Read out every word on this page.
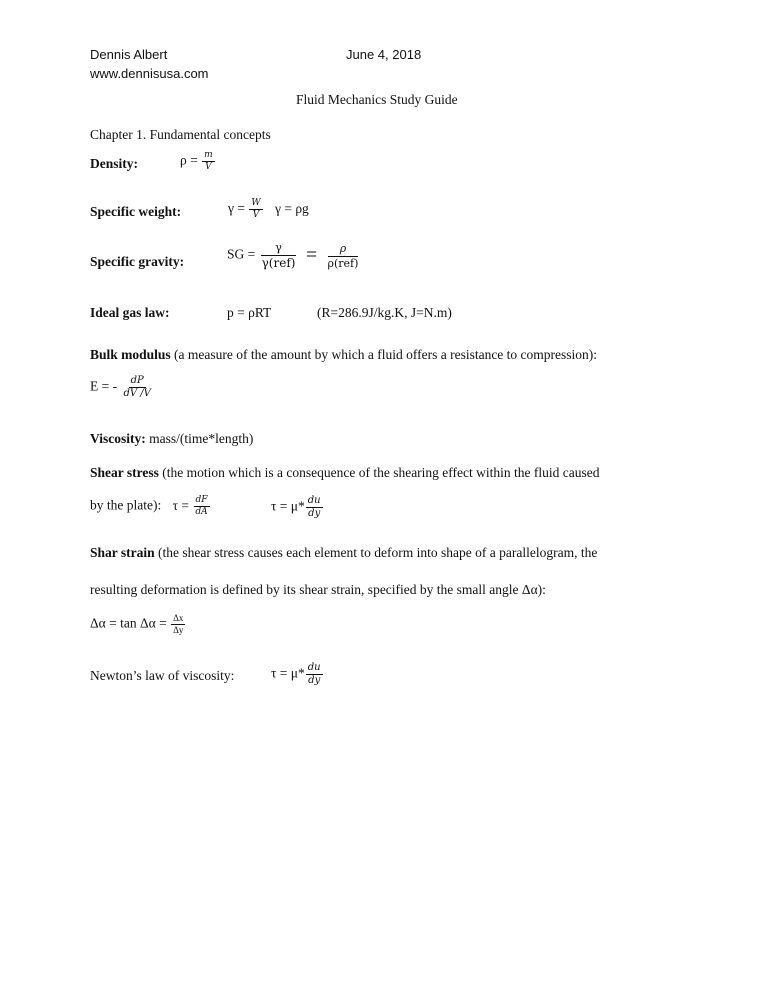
Dennis Albert	June 4, 2018
www.dennisusa.com
Fluid Mechanics Study Guide
Chapter 1. Fundamental concepts
Density:	$\rho = \frac{m}{V}$
Specific weight:	$\gamma = \frac{W}{V}$ γ = ρg
Specific gravity:	SG = $\frac{\gamma}{\text{γ(ref)}} = \frac{\rho}{\text{ρ(ref)}}$
Ideal gas law:	p = ρRT	(R=286.9J/kg.K, J=N.m)
Bulk modulus (a measure of the amount by which a fluid offers a resistance to compression):
E = - $\frac{dP}{dV /V}$
Viscosity: mass/(time*length)
Shear stress (the motion which is a consequence of the shearing effect within the fluid caused
by the plate): $\tau = \frac{dF}{dA}$	$\tau = \mu* \frac{du}{dy}$
Shar strain (the shear stress causes each element to deform into shape of a parallelogram, the
resulting deformation is defined by its shear strain, specified by the small angle Δα):
$\Delta\alpha = \tan \Delta\alpha = \frac{\Delta x}{\Delta y}$
Newton’s law of viscosity:	$\tau = \mu* \frac{du}{dy}$
